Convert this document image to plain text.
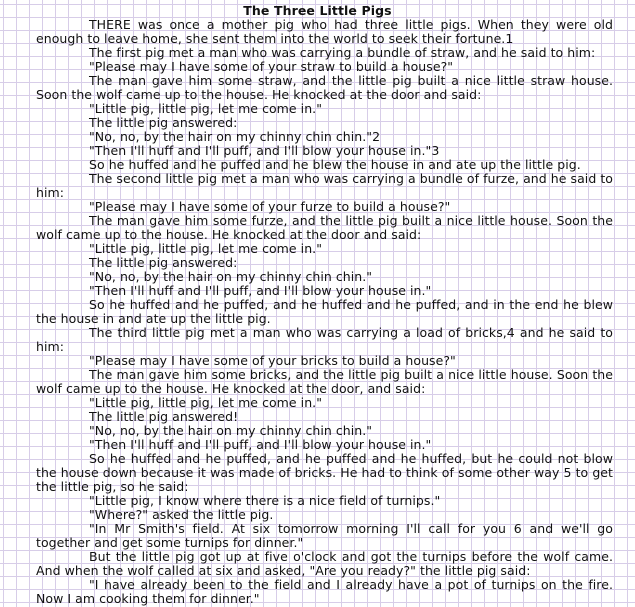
The Three Little Pigs

THERE was once a mother pig who had three little pigs. When they were old enough to leave home, she sent them into the world to seek their fortune.1

The first pig met a man who was carrying a bundle of straw, and he said to him:

"Please may I have some of your straw to build a house?"

The man gave him some straw, and the little pig built a nice little straw house. Soon the wolf came up to the house. He knocked at the door and said:

"Little pig, little pig, let me come in."

The little pig answered:

"No, no, by the hair on my chinny chin chin."2

"Then I'll huff and I'll puff, and I'll blow your house in."3

So he huffed and he puffed and he blew the house in and ate up the little pig.

The second little pig met a man who was carrying a bundle of furze, and he said to him:

"Please may I have some of your furze to build a house?"

The man gave him some furze, and the little pig built a nice little house. Soon the wolf came up to the house. He knocked at the door and said:

"Little pig, little pig, let me come in."

The little pig answered:

"No, no, by the hair on my chinny chin chin."

"Then I'll huff and I'll puff, and I'll blow your house in."

So he huffed and he puffed, and he huffed and he puffed, and in the end he blew the house in and ate up the little pig.

The third little pig met a man who was carrying a load of bricks,4 and he said to him:

"Please may I have some of your bricks to build a house?"

The man gave him some bricks, and the little pig built a nice little house. Soon the wolf came up to the house. He knocked at the door, and said:

"Little pig, little pig, let me come in."

The little pig answered!

"No, no, by the hair on my chinny chin chin."

"Then I'll huff and I'll puff, and I'll blow your house in."

So he huffed and he puffed, and he puffed and he huffed, but he could not blow the house down because it was made of bricks. He had to think of some other way 5 to get the little pig, so he said:

"Little pig, I know where there is a nice field of turnips."

"Where?" asked the little pig.

"In Mr Smith's field. At six tomorrow morning I'll call for you 6 and we'll go together and get some turnips for dinner."

But the little pig got up at five o'clock and got the turnips before the wolf came. And when the wolf called at six and asked, "Are you ready?" the little pig said:

"I have already been to the field and I already have a pot of turnips on the fire. Now I am cooking them for dinner."
